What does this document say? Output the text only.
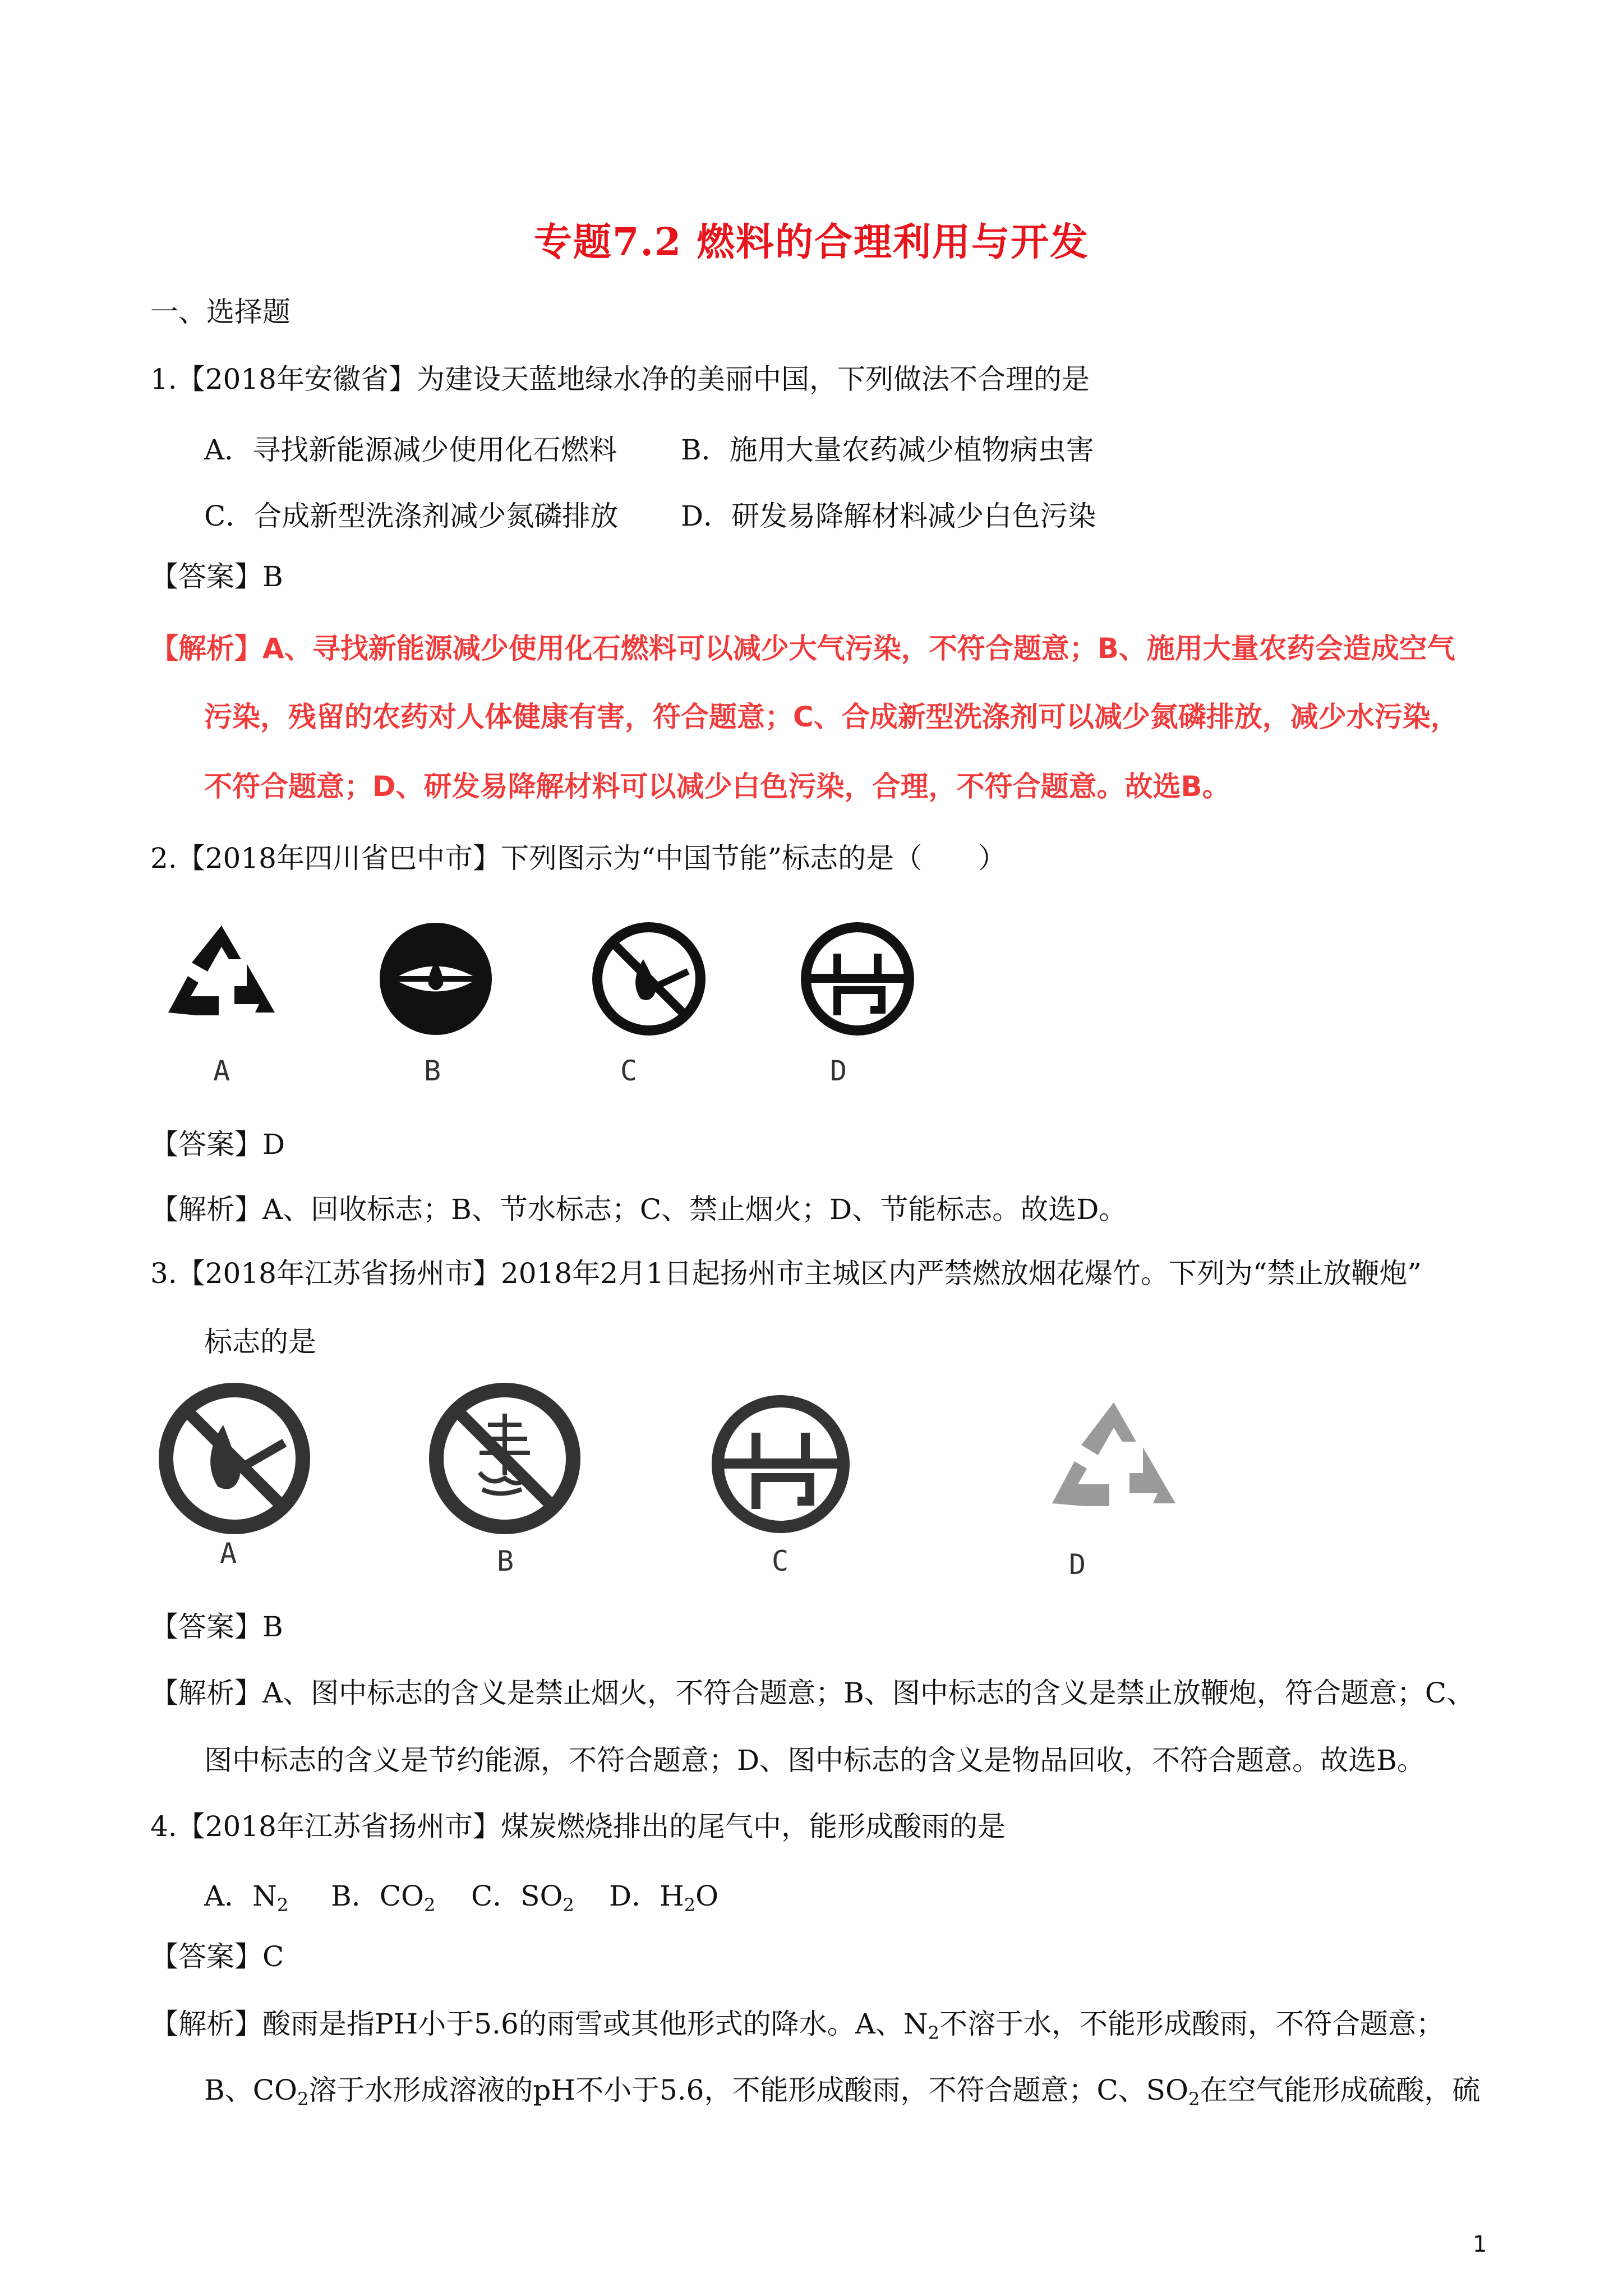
专题7.2 燃料的合理利用与开发
一、选择题
1.【2018年安徽省】为建设天蓝地绿水净的美丽中国，下列做法不合理的是
A．寻找新能源减少使用化石燃料 B．施用大量农药减少植物病虫害
C．合成新型洗涤剂减少氮磷排放 D．研发易降解材料减少白色污染
【答案】B
【解析】A、寻找新能源减少使用化石燃料可以减少大气污染，不符合题意；B、施用大量农药会造成空气
污染，残留的农药对人体健康有害，符合题意；C、合成新型洗涤剂可以减少氮磷排放，减少水污染，
不符合题意；D、研发易降解材料可以减少白色污染，合理，不符合题意。故选B。
2.【2018年四川省巴中市】下列图示为“中国节能”标志的是（　　）
A	B	C	D
【答案】D
【解析】A、回收标志；B、节水标志；C、禁止烟火；D、节能标志。故选D。
3.【2018年江苏省扬州市】2018年2月1日起扬州市主城区内严禁燃放烟花爆竹。下列为“禁止放鞭炮”
标志的是
A	B	C	D
【答案】B
【解析】A、图中标志的含义是禁止烟火，不符合题意；B、图中标志的含义是禁止放鞭炮，符合题意；C、
图中标志的含义是节约能源，不符合题意；D、图中标志的含义是物品回收，不符合题意。故选B。
4.【2018年江苏省扬州市】煤炭燃烧排出的尾气中，能形成酸雨的是
A．$N_2$ B．$CO_2$ C．$SO_2$ D．$H_2O$
【答案】C
【解析】酸雨是指PH小于5.6的雨雪或其他形式的降水。A、$N_2$不溶于水，不能形成酸雨，不符合题意；
B、$CO_2$溶于水形成溶液的pH不小于5.6，不能形成酸雨，不符合题意；C、$SO_2$在空气能形成硫酸，硫
1
